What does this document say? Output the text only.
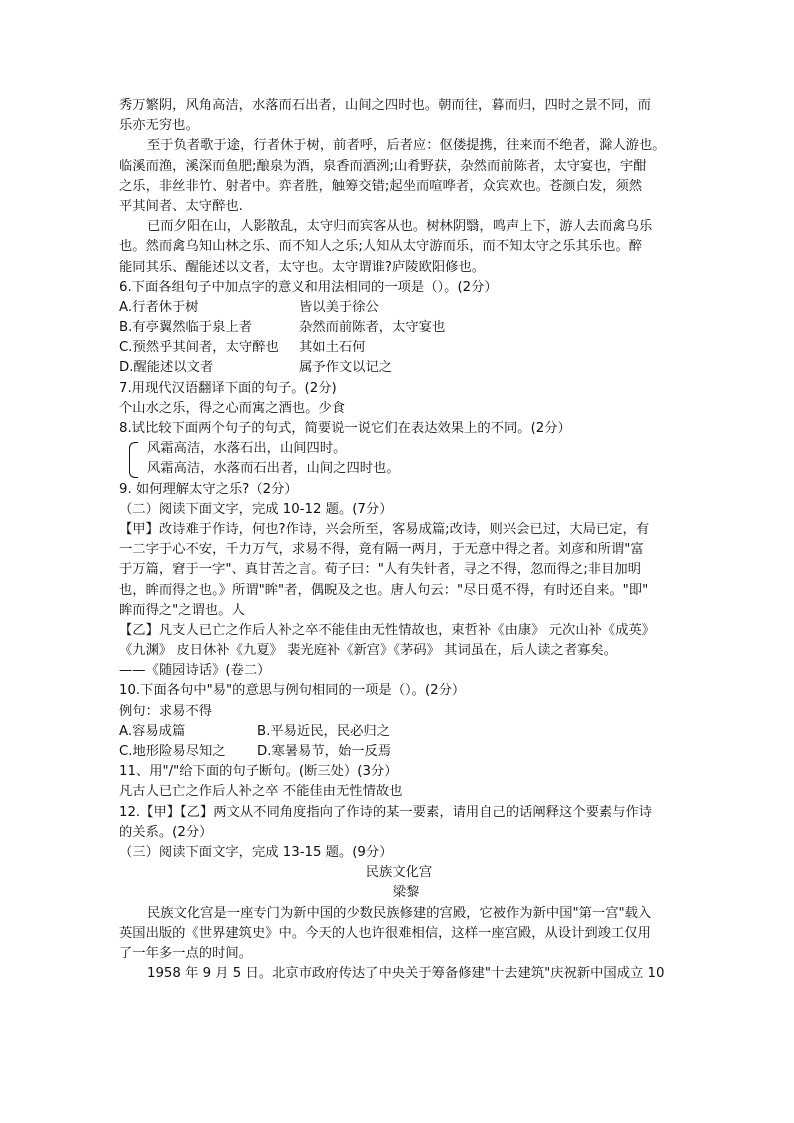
秀万繁阴，风角高洁，水落而石出者，山间之四时也。朝而往，暮而归，四时之景不同，而
乐亦无穷也。
至于负者歌于途，行者休于树，前者呼，后者应：伛偻提携，往来而不绝者，滁人游也。
临溪而渔，溪深而鱼肥;酿泉为酒，泉香而酒洌;山肴野获，杂然而前陈者，太守宴也，宇酣
之乐，非丝非竹、射者中。弈者胜，触筹交错;起坐而喧哗者，众宾欢也。苍颜白发，须然
平其间者、太守醉也.
已而夕阳在山，人影散乱，太守归而宾客从也。树林阴翳，鸣声上下，游人去而禽乌乐
也。然而禽乌知山林之乐、而不知人之乐;人知从太守游而乐，而不知太守之乐其乐也。醉
能同其乐、醒能述以文者，太守也。太守谓谁?庐陵欧阳修也。
6.下面各组句子中加点字的意义和用法相同的一项是（）。(2分）
A.行者休于树	皆以美于徐公
B.有亭翼然临于泉上者	杂然而前陈者，太守宴也
C.预然乎其间者，太守醉也	其如土石何
D.醒能述以文者	属予作文以记之
7.用现代汉语翻译下面的句子。(2分)
个山水之乐，得之心而寓之酒也。少食
8.试比较下面两个句子的句式，简要说一说它们在表达效果上的不同。(2分）
风霜高洁，水落石出，山间四时。
风霜高洁，水落而石出者，山间之四时也。
9. 如何理解太守之乐?（2分）
（二）阅读下面文字，完成 10-12 题。(7分）
【甲】改诗难于作诗，何也?作诗，兴会所至，客易成篇;改诗，则兴会已过，大局已定，有
一二字于心不安，千力万气，求易不得，竟有隔一两月，于无意中得之者。刘彦和所谓"富
于万篇，窘于一字"、真甘苦之言。荀子曰："人有失针者，寻之不得，忽而得之;非目加明
也，眸而得之也。》所谓"眸"者，偶睨及之也。唐人句云："尽日觅不得，有时还自来。"即"
眸而得之"之谓也。人
【乙】凡支人已亡之作后人补之卒不能佳由无性情故也，束哲补《由康》 元次山补《成英》
《九渊》 皮日休补《九夏》 裴光庭补《新宫》《茅码》 其词虽在，后人读之者寡矣。
——《随园诗话》(卷二）
10.下面各句中"易"的意思与例句相同的一项是（）。(2分）
例句：求易不得
A.容易成篇	B.平易近民，民必归之
C.地形险易尽知之	D.寒暑易节，始一反焉
11、用"/"给下面的句子断句。(断三处）(3分）
凡古人已亡之作后人补之卒 不能佳由无性情故也
12.【甲】【乙】两文从不同角度指向了作诗的某一要素，请用自己的话阐释这个要素与作诗
的关系。(2分）
（三）阅读下面文字，完成 13-15 题。(9分）
民族文化宫
梁黎
民族文化宫是一座专门为新中国的少数民族修建的宫殿，它被作为新中国"第一宫"载入
英国出版的《世界建筑史》中。今天的人也许很难相信，这样一座宫殿，从设计到竣工仅用
了一年多一点的时间。
1958 年 9 月 5 日。北京市政府传达了中央关于筹备修建"十去建筑"庆祝新中国成立 10
